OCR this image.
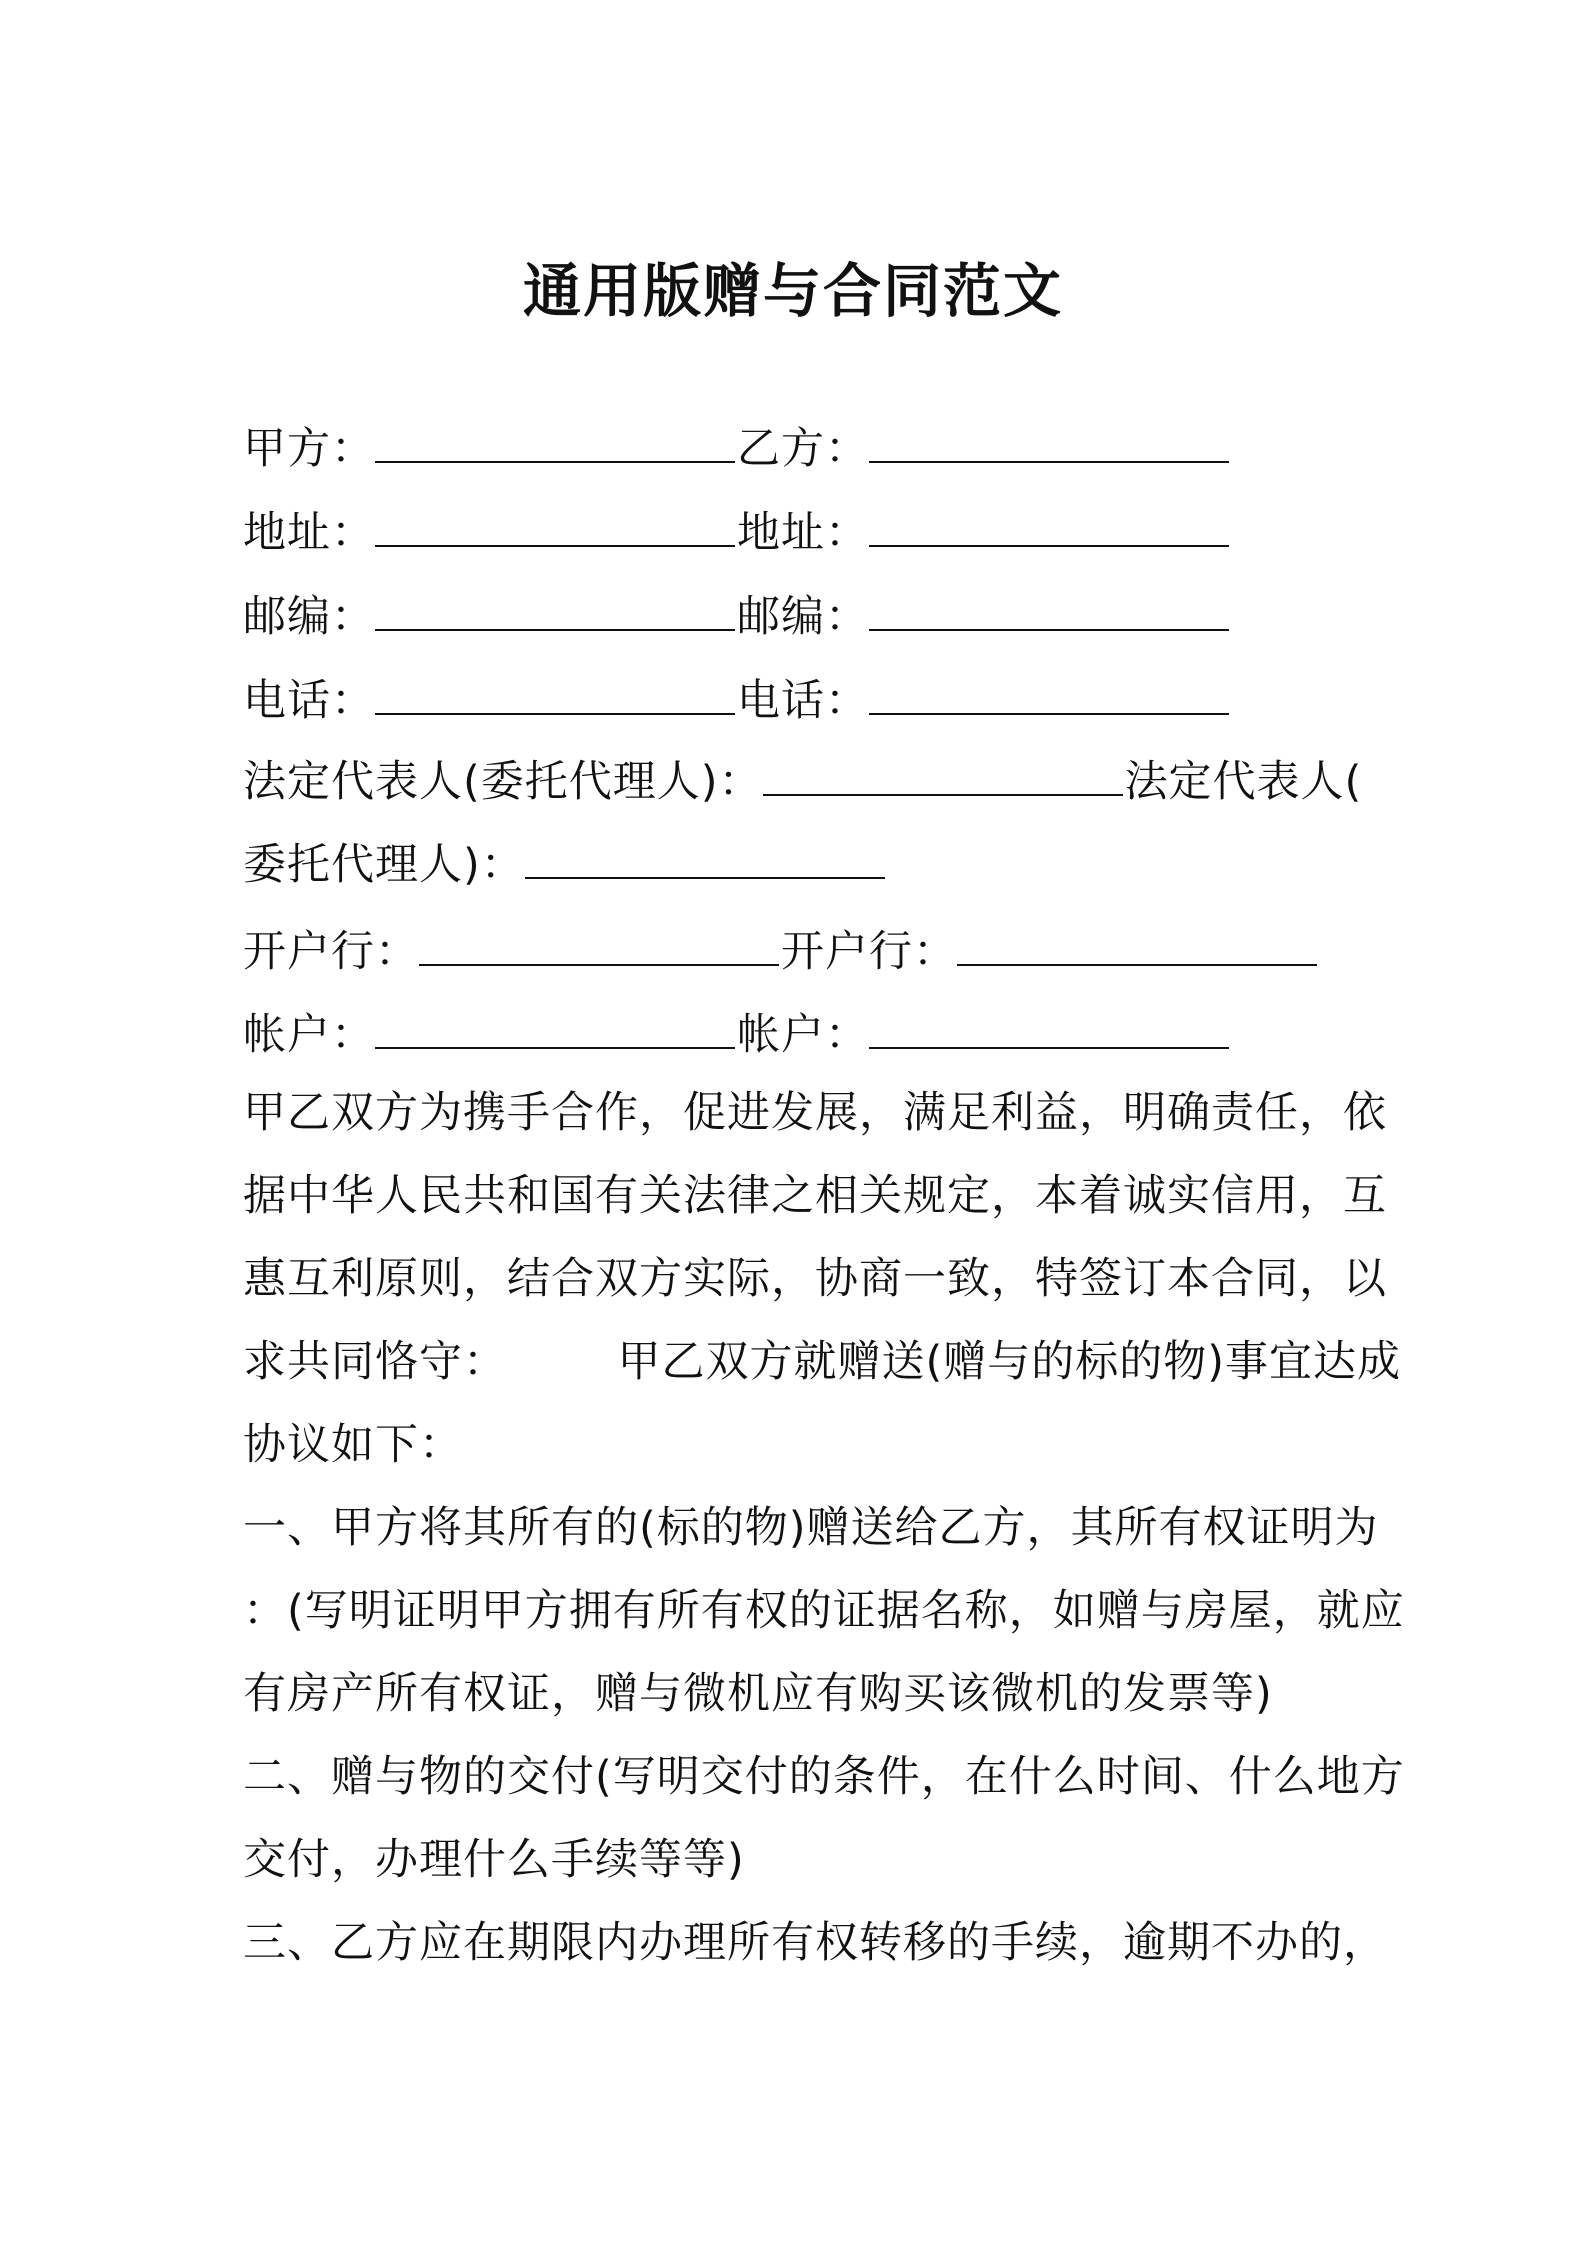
通用版赠与合同范文
甲方：	乙方：
地址：	地址：
邮编：	邮编：
电话：	电话：
法定代表人(委托代理人)：	法定代表人(
委托代理人)：
开户行：	开户行：
帐户：	帐户：
甲乙双方为携手合作，促进发展，满足利益，明确责任，依
据中华人民共和国有关法律之相关规定，本着诚实信用，互
惠互利原则，结合双方实际，协商一致，特签订本合同，以
求共同恪守：　　　甲乙双方就赠送(赠与的标的物)事宜达成
协议如下：
一、甲方将其所有的(标的物)赠送给乙方，其所有权证明为
：(写明证明甲方拥有所有权的证据名称，如赠与房屋，就应
有房产所有权证，赠与微机应有购买该微机的发票等)
二、赠与物的交付(写明交付的条件，在什么时间、什么地方
交付，办理什么手续等等)
三、乙方应在期限内办理所有权转移的手续，逾期不办的，
